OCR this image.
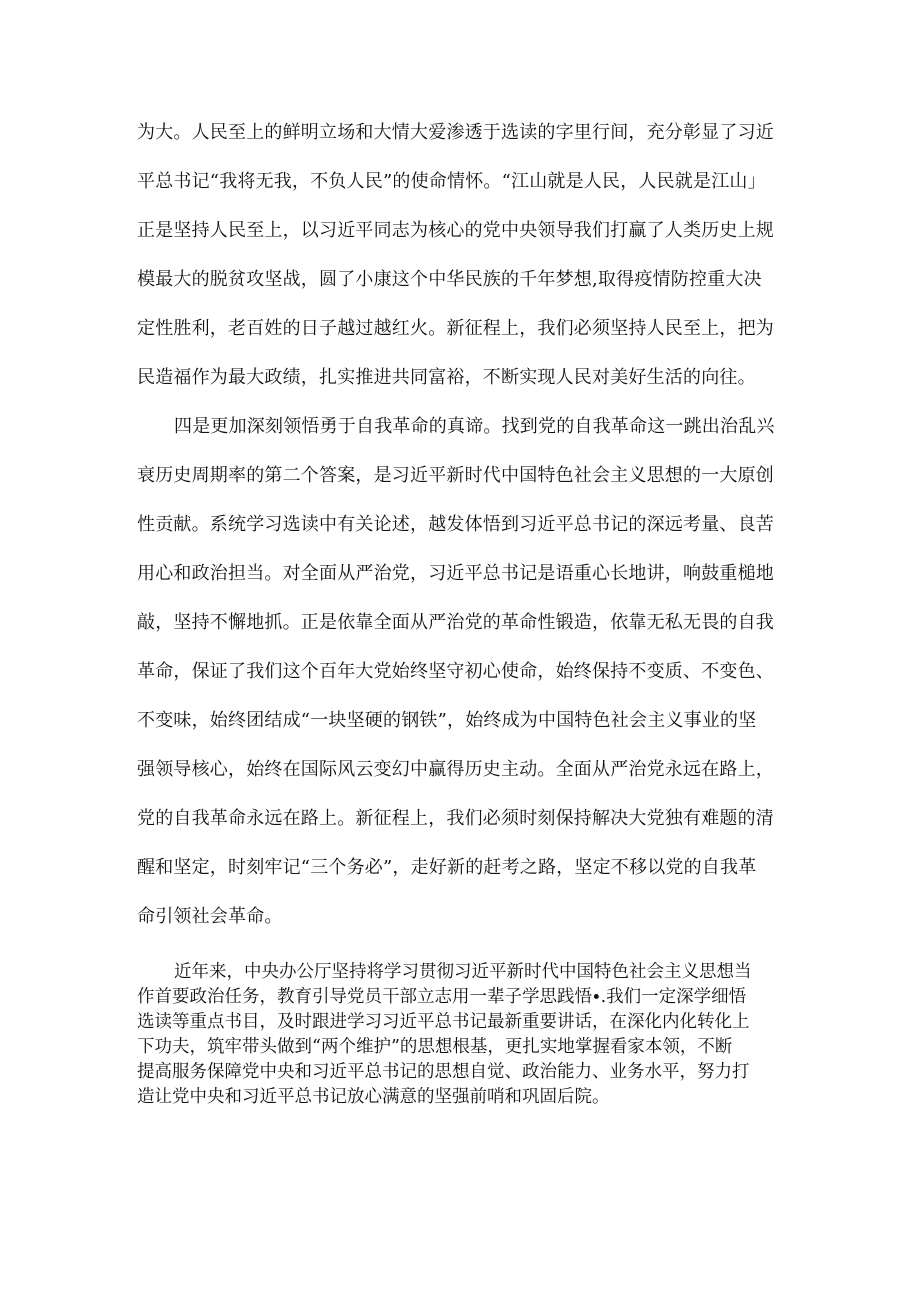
为大。人民至上的鲜明立场和大情大爱渗透于选读的字里行间，充分彰显了习近

平总书记“我将无我，不负人民”的使命情怀。“江山就是人民，人民就是江山」

正是坚持人民至上，以习近平同志为核心的党中央领导我们打赢了人类历史上规

模最大的脱贫攻坚战，圆了小康这个中华民族的千年梦想,取得疫情防控重大决

定性胜利，老百姓的日子越过越红火。新征程上，我们必须坚持人民至上，把为

民造福作为最大政绩，扎实推进共同富裕，不断实现人民对美好生活的向往。

四是更加深刻领悟勇于自我革命的真谛。找到党的自我革命这一跳出治乱兴

衰历史周期率的第二个答案，是习近平新时代中国特色社会主义思想的一大原创

性贡献。系统学习选读中有关论述，越发体悟到习近平总书记的深远考量、良苦

用心和政治担当。对全面从严治党，习近平总书记是语重心长地讲，响鼓重槌地

敲，坚持不懈地抓。正是依靠全面从严治党的革命性锻造，依靠无私无畏的自我

革命，保证了我们这个百年大党始终坚守初心使命，始终保持不变质、不变色、

不变味，始终团结成“一块坚硬的钢铁”，始终成为中国特色社会主义事业的坚

强领导核心，始终在国际风云变幻中赢得历史主动。全面从严治党永远在路上，

党的自我革命永远在路上。新征程上，我们必须时刻保持解决大党独有难题的清

醒和坚定，时刻牢记“三个务必”，走好新的赶考之路，坚定不移以党的自我革

命引领社会革命。

近年来，中央办公厅坚持将学习贯彻习近平新时代中国特色社会主义思想当

作首要政治任务，教育引导党员干部立志用一辈子学思践悟∙.我们一定深学细悟

选读等重点书目，及时跟进学习习近平总书记最新重要讲话，在深化内化转化上

下功夫，筑牢带头做到“两个维护”的思想根基，更扎实地掌握看家本领，不断

提高服务保障党中央和习近平总书记的思想自觉、政治能力、业务水平，努力打

造让党中央和习近平总书记放心满意的坚强前哨和巩固后院。
